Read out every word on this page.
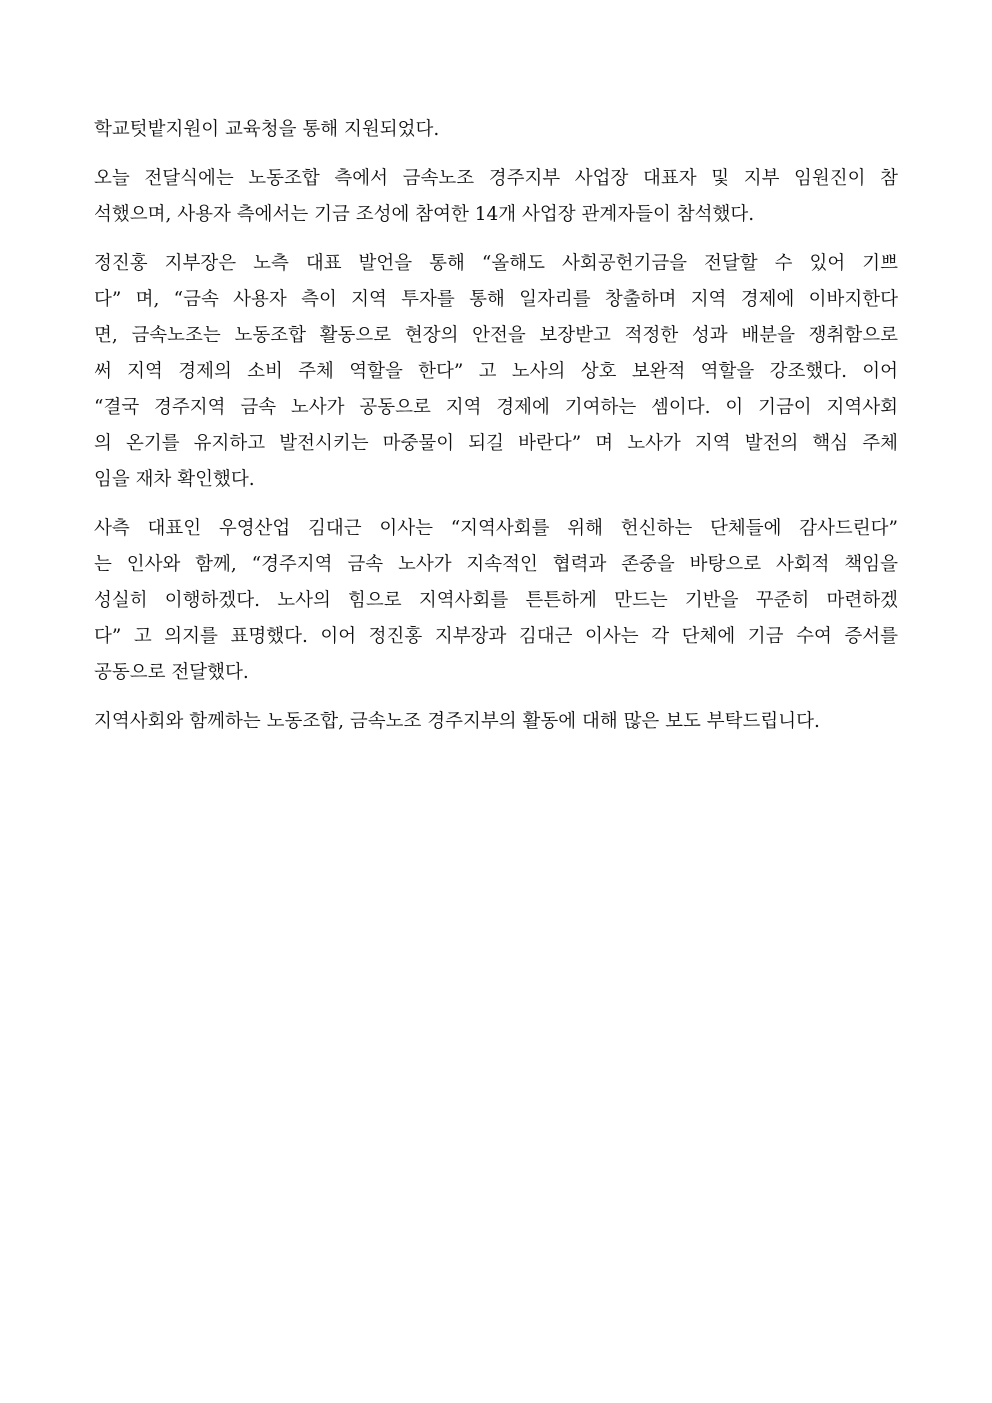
학교텃밭지원이 교육청을 통해 지원되었다.
오늘 전달식에는 노동조합 측에서 금속노조 경주지부 사업장 대표자 및 지부 임원진이 참
석했으며, 사용자 측에서는 기금 조성에 참여한 14개 사업장 관계자들이 참석했다.
정진홍 지부장은 노측 대표 발언을 통해 “올해도 사회공헌기금을 전달할 수 있어 기쁘
다” 며, “금속 사용자 측이 지역 투자를 통해 일자리를 창출하며 지역 경제에 이바지한다
면, 금속노조는 노동조합 활동으로 현장의 안전을 보장받고 적정한 성과 배분을 쟁취함으로
써 지역 경제의 소비 주체 역할을 한다” 고 노사의 상호 보완적 역할을 강조했다. 이어
“결국 경주지역 금속 노사가 공동으로 지역 경제에 기여하는 셈이다. 이 기금이 지역사회
의 온기를 유지하고 발전시키는 마중물이 되길 바란다” 며 노사가 지역 발전의 핵심 주체
임을 재차 확인했다.
사측 대표인 우영산업 김대근 이사는 “지역사회를 위해 헌신하는 단체들에 감사드린다”
는 인사와 함께, “경주지역 금속 노사가 지속적인 협력과 존중을 바탕으로 사회적 책임을
성실히 이행하겠다. 노사의 힘으로 지역사회를 튼튼하게 만드는 기반을 꾸준히 마련하겠
다” 고 의지를 표명했다. 이어 정진홍 지부장과 김대근 이사는 각 단체에 기금 수여 증서를
공동으로 전달했다.
지역사회와 함께하는 노동조합, 금속노조 경주지부의 활동에 대해 많은 보도 부탁드립니다.
